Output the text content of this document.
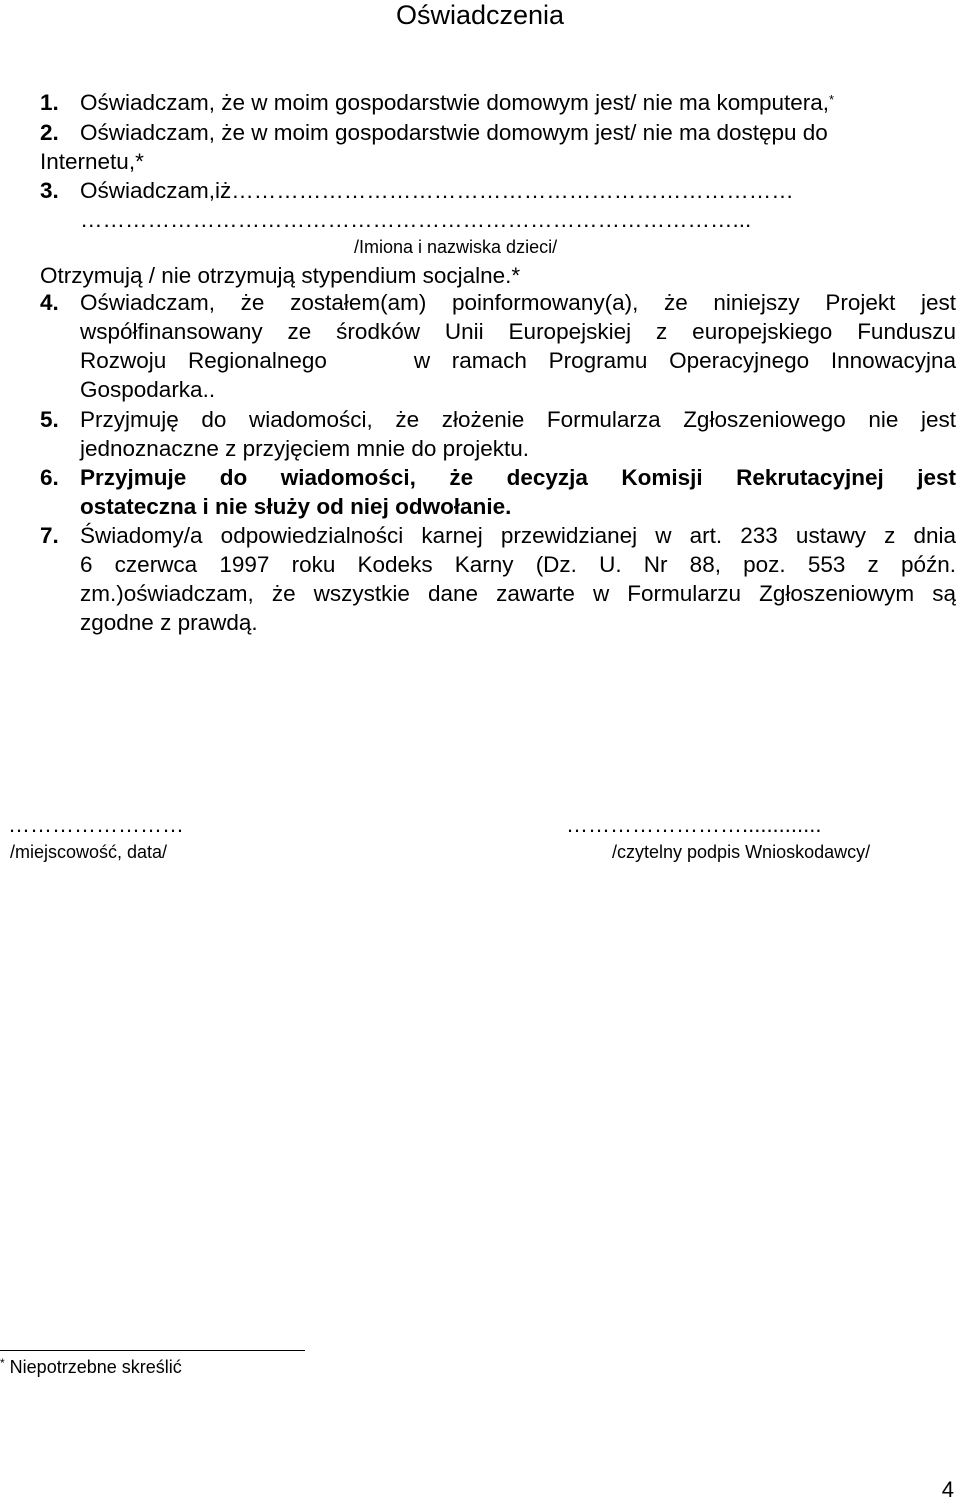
Oświadczenia
1. Oświadczam, że w moim gospodarstwie domowym jest/ nie ma komputera,*
2. Oświadczam, że w moim gospodarstwie domowym jest/ nie ma dostępu do
Internetu,*
3. Oświadczam,iż…………………………………………………………………
……………………………………………………………………………...
/Imiona i nazwiska dzieci/
Otrzymują / nie otrzymują stypendium socjalne.*
4. Oświadczam, że zostałem(am) poinformowany(a), że niniejszy Projekt jest
współfinansowany ze środków Unii Europejskiej z europejskiego Funduszu
Rozwoju Regionalnego    w ramach Programu Operacyjnego Innowacyjna
Gospodarka..
5. Przyjmuję do wiadomości, że złożenie Formularza Zgłoszeniowego nie jest
jednoznaczne z przyjęciem mnie do projektu.
6. Przyjmuje do wiadomości, że decyzja Komisji Rekrutacyjnej jest
ostateczna i nie służy od niej odwołanie.
7. Świadomy/a odpowiedzialności karnej przewidzianej w art. 233 ustawy z dnia
6 czerwca 1997 roku Kodeks Karny (Dz. U. Nr 88, poz. 553 z późn.
zm.)oświadczam, że wszystkie dane zawarte w Formularzu Zgłoszeniowym są
zgodne z prawdą.
……………………
/miejscowość, data/
…………………….............
/czytelny podpis Wnioskodawcy/
* Niepotrzebne skreślić
4
